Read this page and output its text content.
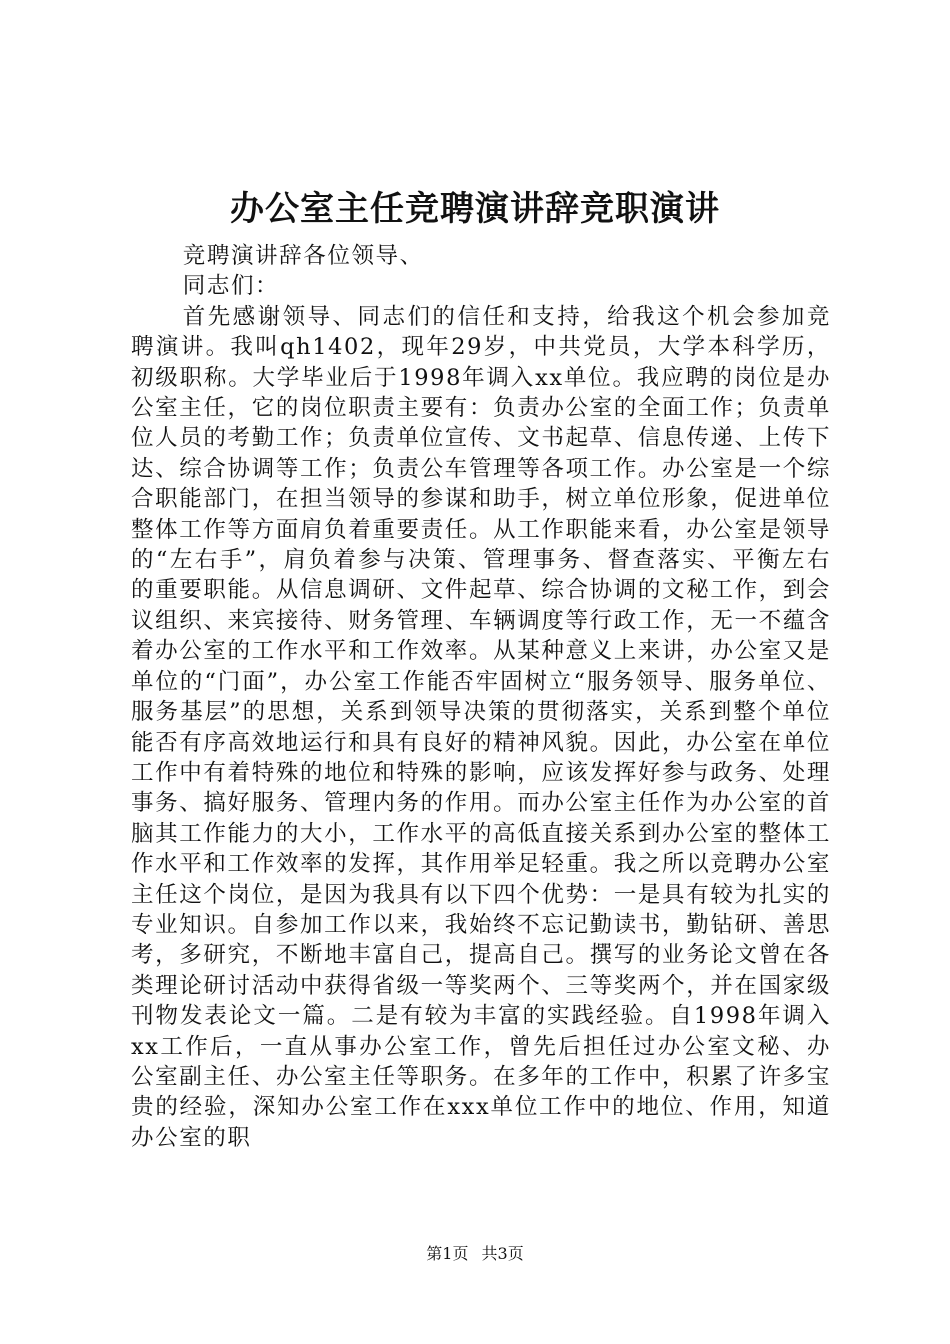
办公室主任竞聘演讲辞竞职演讲

竞聘演讲辞各位领导、

同志们：

首先感谢领导、同志们的信任和支持，给我这个机会参加竞聘演讲。我叫qh1402，现年29岁，中共党员，大学本科学历，初级职称。大学毕业后于1998年调入xx单位。我应聘的岗位是办公室主任，它的岗位职责主要有：负责办公室的全面工作；负责单位人员的考勤工作；负责单位宣传、文书起草、信息传递、上传下达、综合协调等工作；负责公车管理等各项工作。办公室是一个综合职能部门，在担当领导的参谋和助手，树立单位形象，促进单位整体工作等方面肩负着重要责任。从工作职能来看，办公室是领导的“左右手”，肩负着参与决策、管理事务、督查落实、平衡左右的重要职能。从信息调研、文件起草、综合协调的文秘工作，到会议组织、来宾接待、财务管理、车辆调度等行政工作，无一不蕴含着办公室的工作水平和工作效率。从某种意义上来讲，办公室又是单位的“门面”，办公室工作能否牢固树立“服务领导、服务单位、服务基层”的思想，关系到领导决策的贯彻落实，关系到整个单位能否有序高效地运行和具有良好的精神风貌。因此，办公室在单位工作中有着特殊的地位和特殊的影响，应该发挥好参与政务、处理事务、搞好服务、管理内务的作用。而办公室主任作为办公室的首脑其工作能力的大小，工作水平的高低直接关系到办公室的整体工作水平和工作效率的发挥，其作用举足轻重。我之所以竞聘办公室主任这个岗位，是因为我具有以下四个优势：一是具有较为扎实的专业知识。自参加工作以来，我始终不忘记勤读书，勤钻研、善思考，多研究，不断地丰富自己，提高自己。撰写的业务论文曾在各类理论研讨活动中获得省级一等奖两个、三等奖两个，并在国家级刊物发表论文一篇。二是有较为丰富的实践经验。自1998年调入xx工作后，一直从事办公室工作，曾先后担任过办公室文秘、办公室副主任、办公室主任等职务。在多年的工作中，积累了许多宝贵的经验，深知办公室工作在xxx单位工作中的地位、作用，知道办公室的职

第1页 共3页
